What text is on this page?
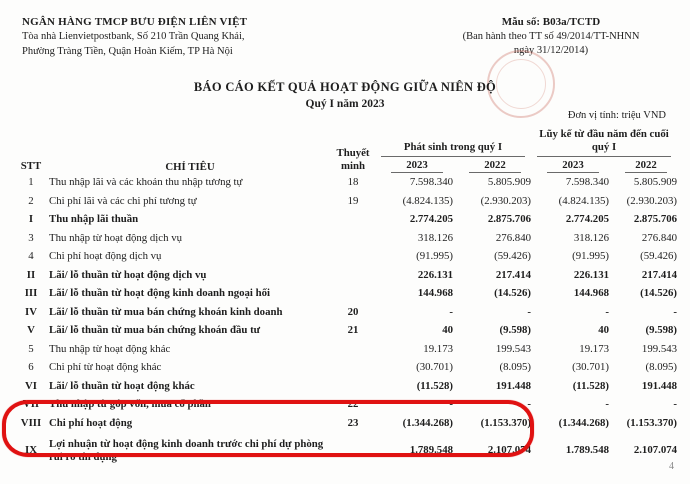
NGÂN HÀNG TMCP BƯU ĐIỆN LIÊN VIỆT
Tòa nhà Lienvietpostbank, Số 210 Trần Quang Khải,
Phường Tràng Tiền, Quận Hoàn Kiếm, TP Hà Nội
Mẫu số: B03a/TCTD
(Ban hành theo TT số 49/2014/TT-NHNN
ngày 31/12/2014)
BÁO CÁO KẾT QUẢ HOẠT ĐỘNG GIỮA NIÊN ĐỘ
Quý I năm 2023
Đơn vị tính: triệu VND
STT	CHỈ TIÊU	Thuyết minh	Phát sinh trong quý I		Lũy kế từ đầu năm đến cuối quý I	

			2023	2022	2023	2022

1	Thu nhập lãi và các khoản thu nhập tương tự	18	7.598.340	5.805.909	7.598.340	5.805.909
2	Chi phí lãi và các chi phí tương tự	19	(4.824.135)	(2.930.203)	(4.824.135)	(2.930.203)
I	Thu nhập lãi thuần		2.774.205	2.875.706	2.774.205	2.875.706
3	Thu nhập từ hoạt động dịch vụ		318.126	276.840	318.126	276.840
4	Chi phí hoạt động dịch vụ		(91.995)	(59.426)	(91.995)	(59.426)
II	Lãi/ lỗ thuần từ hoạt động dịch vụ		226.131	217.414	226.131	217.414
III	Lãi/ lỗ thuần từ hoạt động kinh doanh ngoại hối		144.968	(14.526)	144.968	(14.526)
IV	Lãi/ lỗ thuần từ mua bán chứng khoán kinh doanh	20	-	-	-	-
V	Lãi/ lỗ thuần từ mua bán chứng khoán đầu tư	21	40	(9.598)	40	(9.598)
5	Thu nhập từ hoạt động khác		19.173	199.543	19.173	199.543
6	Chi phí từ hoạt động khác		(30.701)	(8.095)	(30.701)	(8.095)
VI	Lãi/ lỗ thuần từ hoạt động khác		(11.528)	191.448	(11.528)	191.448
VII	Thu nhập từ góp vốn, mua cổ phần	22	-	-	-	-
VIII	Chi phí hoạt động	23	(1.344.268)	(1.153.370)	(1.344.268)	(1.153.370)
IX	Lợi nhuận từ hoạt động kinh doanh trước chi phí dự phòng rủi ro tín dụng		1.789.548	2.107.074	1.789.548	2.107.074
4
